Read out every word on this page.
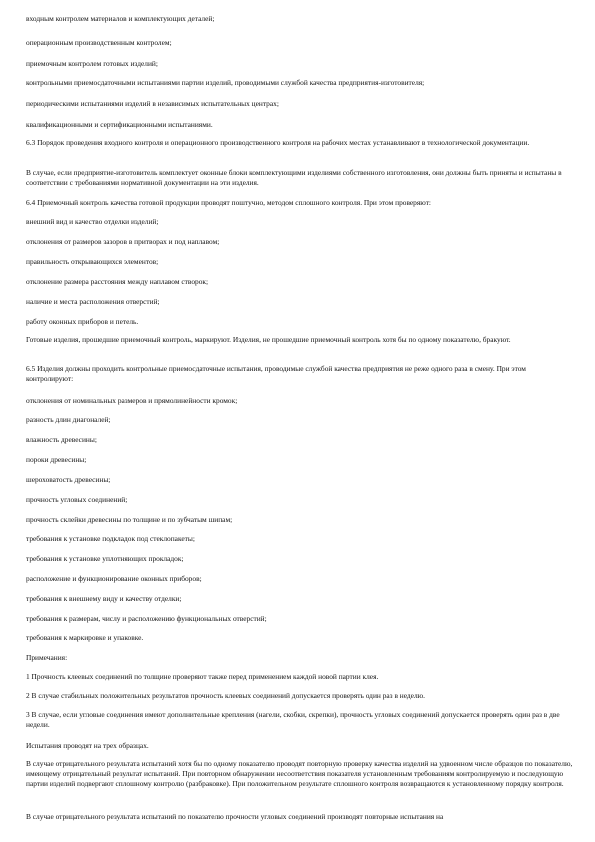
входным контролем материалов и комплектующих деталей;

операционным производственным контролем;

приемочным контролем готовых изделий;

контрольными приемосдаточными испытаниями партии изделий, проводимыми службой качества предприятия-изготовителя;

периодическими испытаниями изделий в независимых испытательных центрах;

квалификационными и сертификационными испытаниями.

6.3 Порядок проведения входного контроля и операционного производственного контроля на рабочих местах устанавливают в технологической документации.

В случае, если предприятие-изготовитель комплектует оконные блоки комплектующими изделиями собственного изготовления, они должны быть приняты и испытаны в соответствии с требованиями нормативной документации на эти изделия.

6.4 Приемочный контроль качества готовой продукции проводят поштучно, методом сплошного контроля. При этом проверяют:

внешний вид и качество отделки изделий;

отклонения от размеров зазоров в притворах и под наплавом;

правильность открывающихся элементов;

отклонение размера расстояния между наплавом створок;

наличие и места расположения отверстий;

работу оконных приборов и петель.

Готовые изделия, прошедшие приемочный контроль, маркируют. Изделия, не прошедшие приемочный контроль хотя бы по одному показателю, бракуют.

6.5 Изделия должны проходить контрольные приемосдаточные испытания, проводимые службой качества предприятия не реже одного раза в смену. При этом контролируют:

отклонения от номинальных размеров и прямолинейности кромок;

разность длин диагоналей;

влажность древесины;

пороки древесины;

шероховатость древесины;

прочность угловых соединений;

прочность склейки древесины по толщине и по зубчатым шипам;

требования к установке подкладок под стеклопакеты;

требования к установке уплотняющих прокладок;

расположение и функционирование оконных приборов;

требования к внешнему виду и качеству отделки;

требования к размерам, числу и расположению функциональных отверстий;

требования к маркировке и упаковке.

Примечания:

1 Прочность клеевых соединений по толщине проверяют также перед применением каждой новой партии клея.

2 В случае стабильных положительных результатов прочность клеевых соединений допускается проверять один раз в неделю.

3 В случае, если угловые соединения имеют дополнительные крепления (нагели, скобки, скрепки), прочность угловых соединений допускается проверять один раз в две недели.

Испытания проводят на трех образцах.

В случае отрицательного результата испытаний хотя бы по одному показателю проводят повторную проверку качества изделий на удвоенном числе образцов по показателю, имеющему отрицательный результат испытаний. При повторном обнаружении несоответствия показателя установленным требованиям контролируемую и последующую партии изделий подвергают сплошному контролю (разбраковке). При положительном результате сплошного контроля возвращаются к установленному порядку контроля.

В случае отрицательного результата испытаний по показателю прочности угловых соединений производят повторные испытания на
